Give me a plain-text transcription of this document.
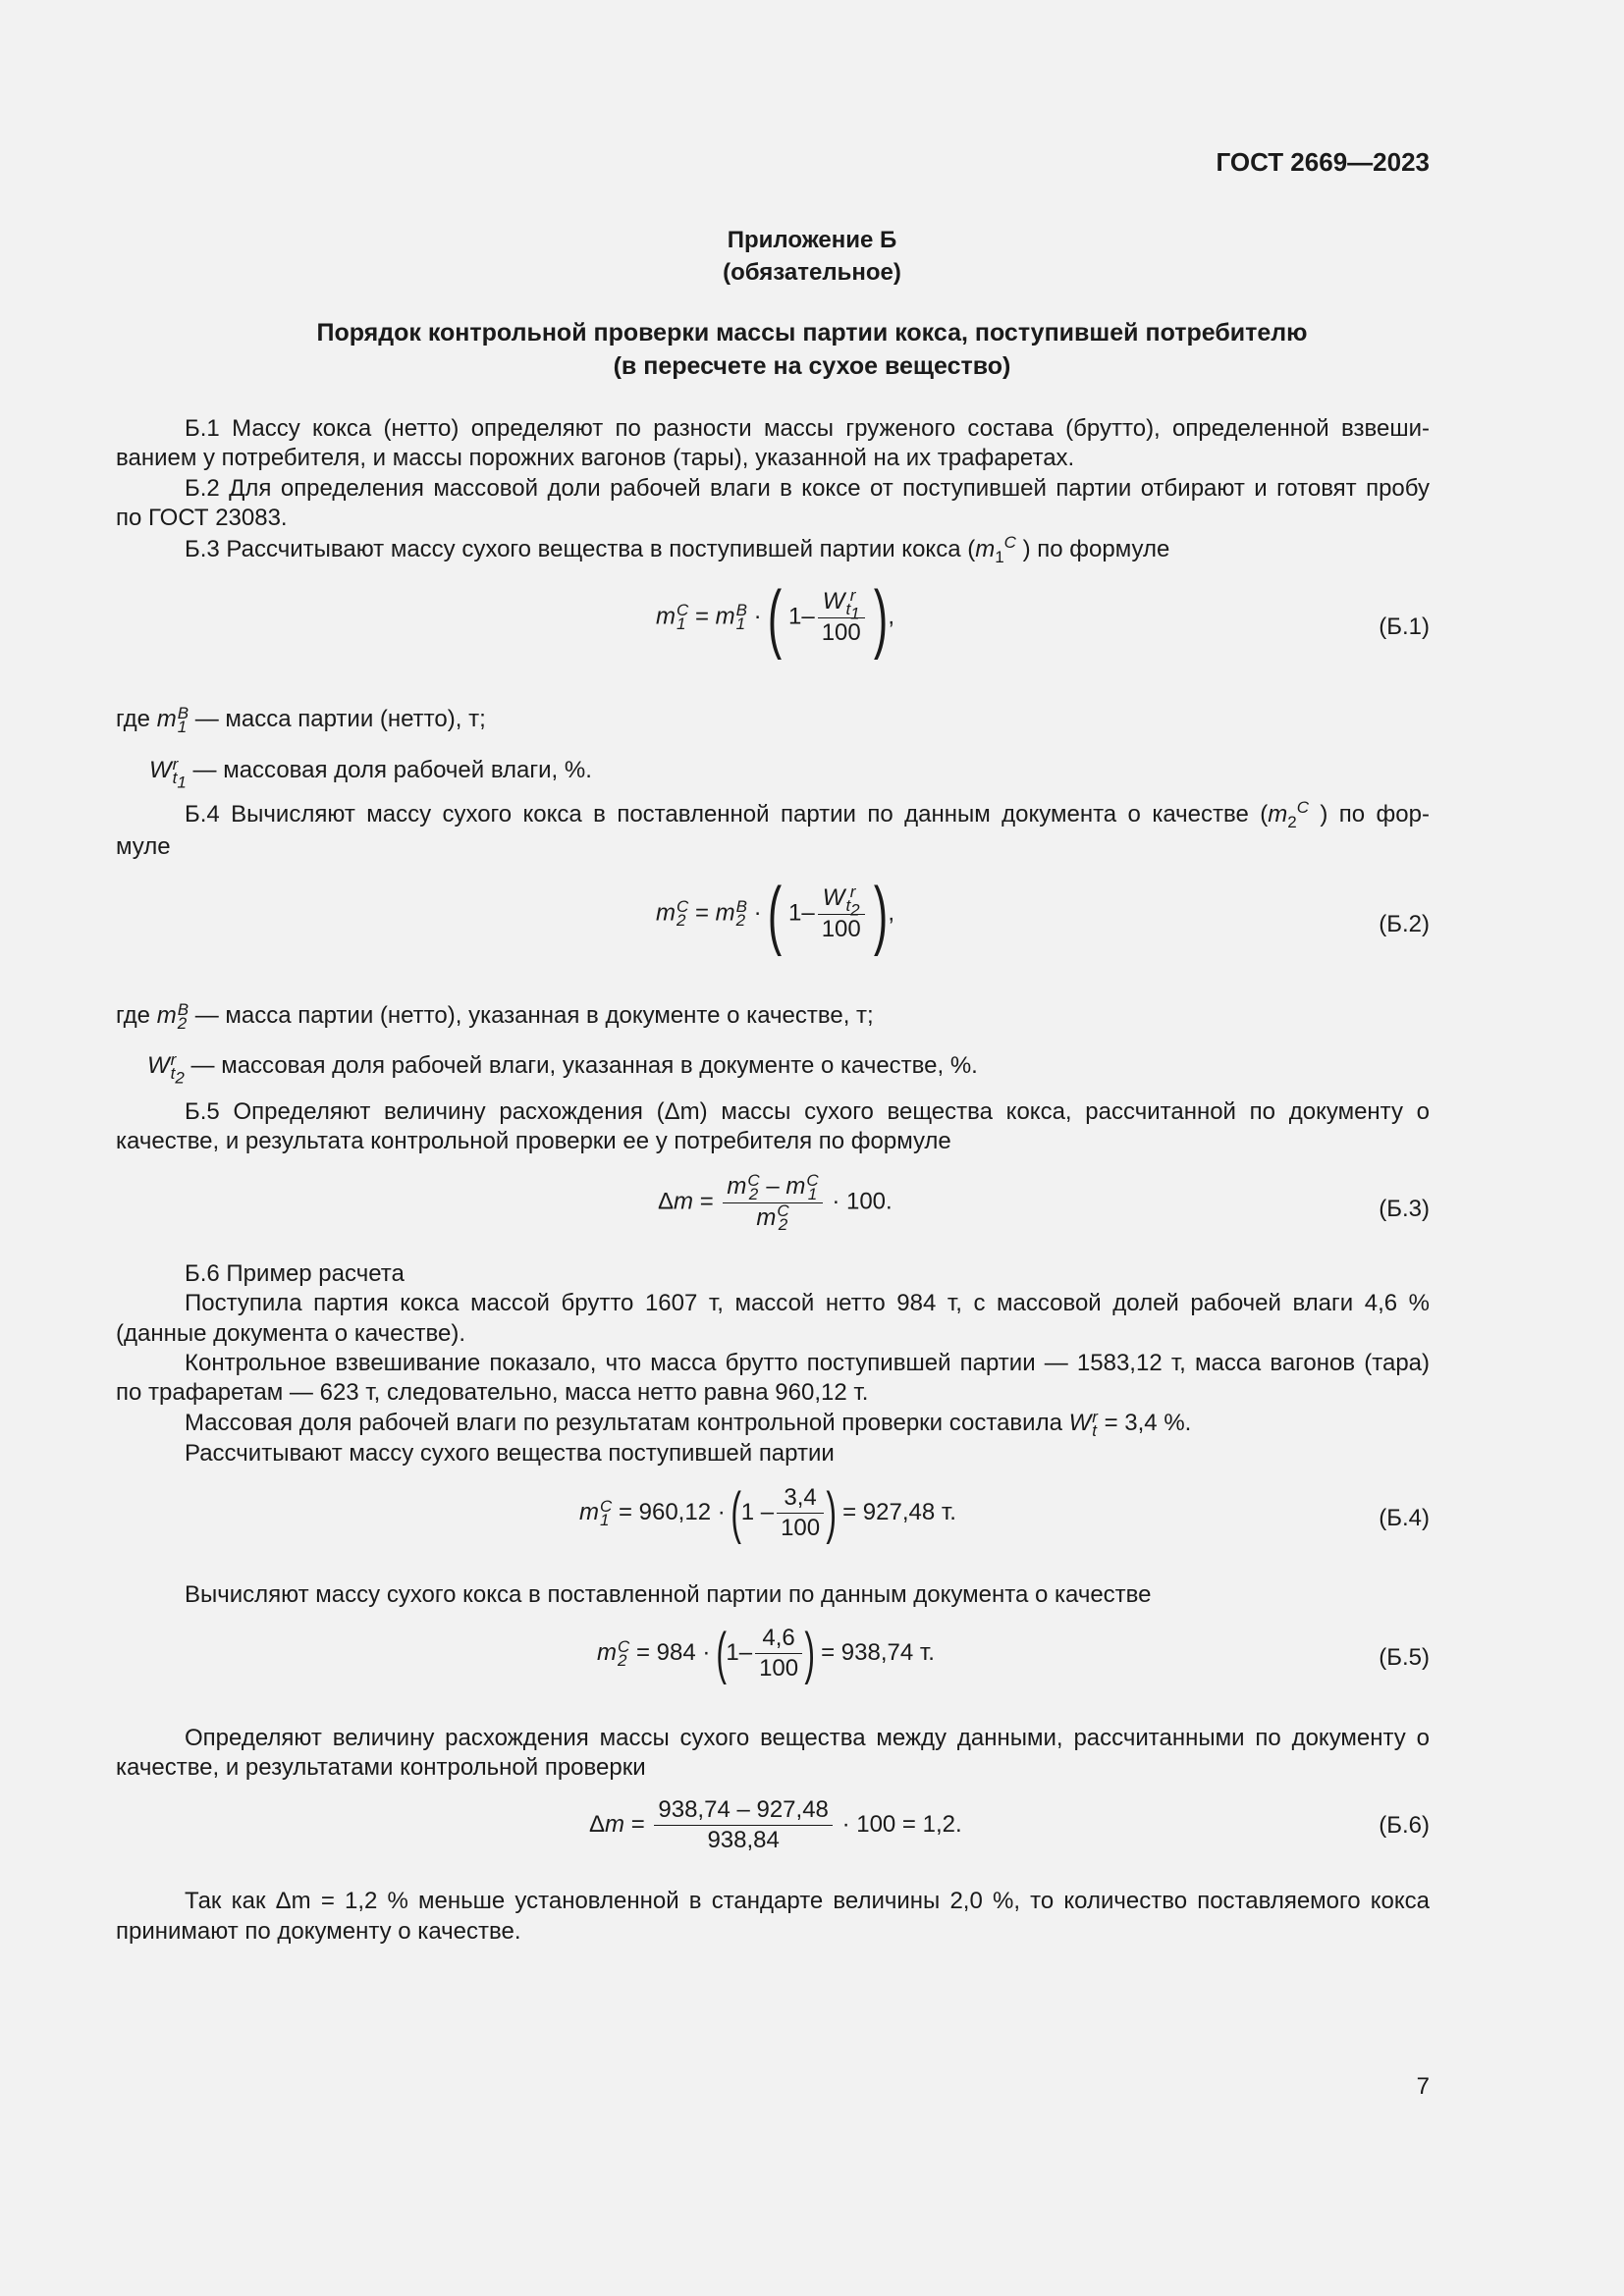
ГОСТ 2669—2023
Приложение Б
(обязательное)
Порядок контрольной проверки массы партии кокса, поступившей потребителю
(в пересчете на сухое вещество)
Б.1 Массу кокса (нетто) определяют по разности массы груженого состава (брутто), определенной взвеши-
ванием у потребителя, и массы порожних вагонов (тары), указанной на их трафаретах.
Б.2 Для определения массовой доли рабочей влаги в коксе от поступившей партии отбирают и готовят пробу
по ГОСТ 23083.
Б.3 Рассчитывают массу сухого вещества в поступившей партии кокса ($m_1^C$ ) по формуле
m C
1 = m B
1 · ( 1– W r
$t_1$
100 ),	(Б.1)
где m B
1 — масса партии (нетто), т;
W r
$t_1$ — массовая доля рабочей влаги, %.
Б.4 Вычисляют массу сухого кокса в поставленной партии по данным документа о качестве ($m_2^C$ ) по фор-
муле
m C
2 = m B
2 · ( 1– W r
$t_2$
100 ),	(Б.2)
где m B
2 — масса партии (нетто), указанная в документе о качестве, т;
W r
$t_2$ — массовая доля рабочей влаги, указанная в документе о качестве, %.
Б.5 Определяют величину расхождения (Δm) массы сухого вещества кокса, рассчитанной по документу о
качестве, и результата контрольной проверки ее у потребителя по формуле
Δm = m C
2 – m C
1
m C
2 · 100.	(Б.3)
Б.6 Пример расчета
Поступила партия кокса массой брутто 1607 т, массой нетто 984 т, с массовой долей рабочей влаги 4,6 %
(данные документа о качестве).
Контрольное взвешивание показало, что масса брутто поступившей партии — 1583,12 т, масса вагонов (тара)
по трафаретам — 623 т, следовательно, масса нетто равна 960,12 т.
Массовая доля рабочей влаги по результатам контрольной проверки составила W r
t = 3,4 %.
Рассчитывают массу сухого вещества поступившей партии
m C
$1 = 960,12 \cdot (1 - \frac{3,4}{100}$ ) = 927,48 т.	(Б.4)
Вычисляют массу сухого кокса в поставленной партии по данным документа о качестве
m C
$2 = 984 \cdot (1- \frac{4,6}{100}$ ) = 938,74 т.	(Б.5)
Определяют величину расхождения массы сухого вещества между данными, рассчитанными по документу о
качестве, и результатами контрольной проверки
$\Delta m = \frac{938,74 - 927,48}{938,84} \cdot 100 = 1,2$.	(Б.6)
Так как Δm = 1,2 % меньше установленной в стандарте величины 2,0 %, то количество поставляемого кокса
принимают по документу о качестве.
7
